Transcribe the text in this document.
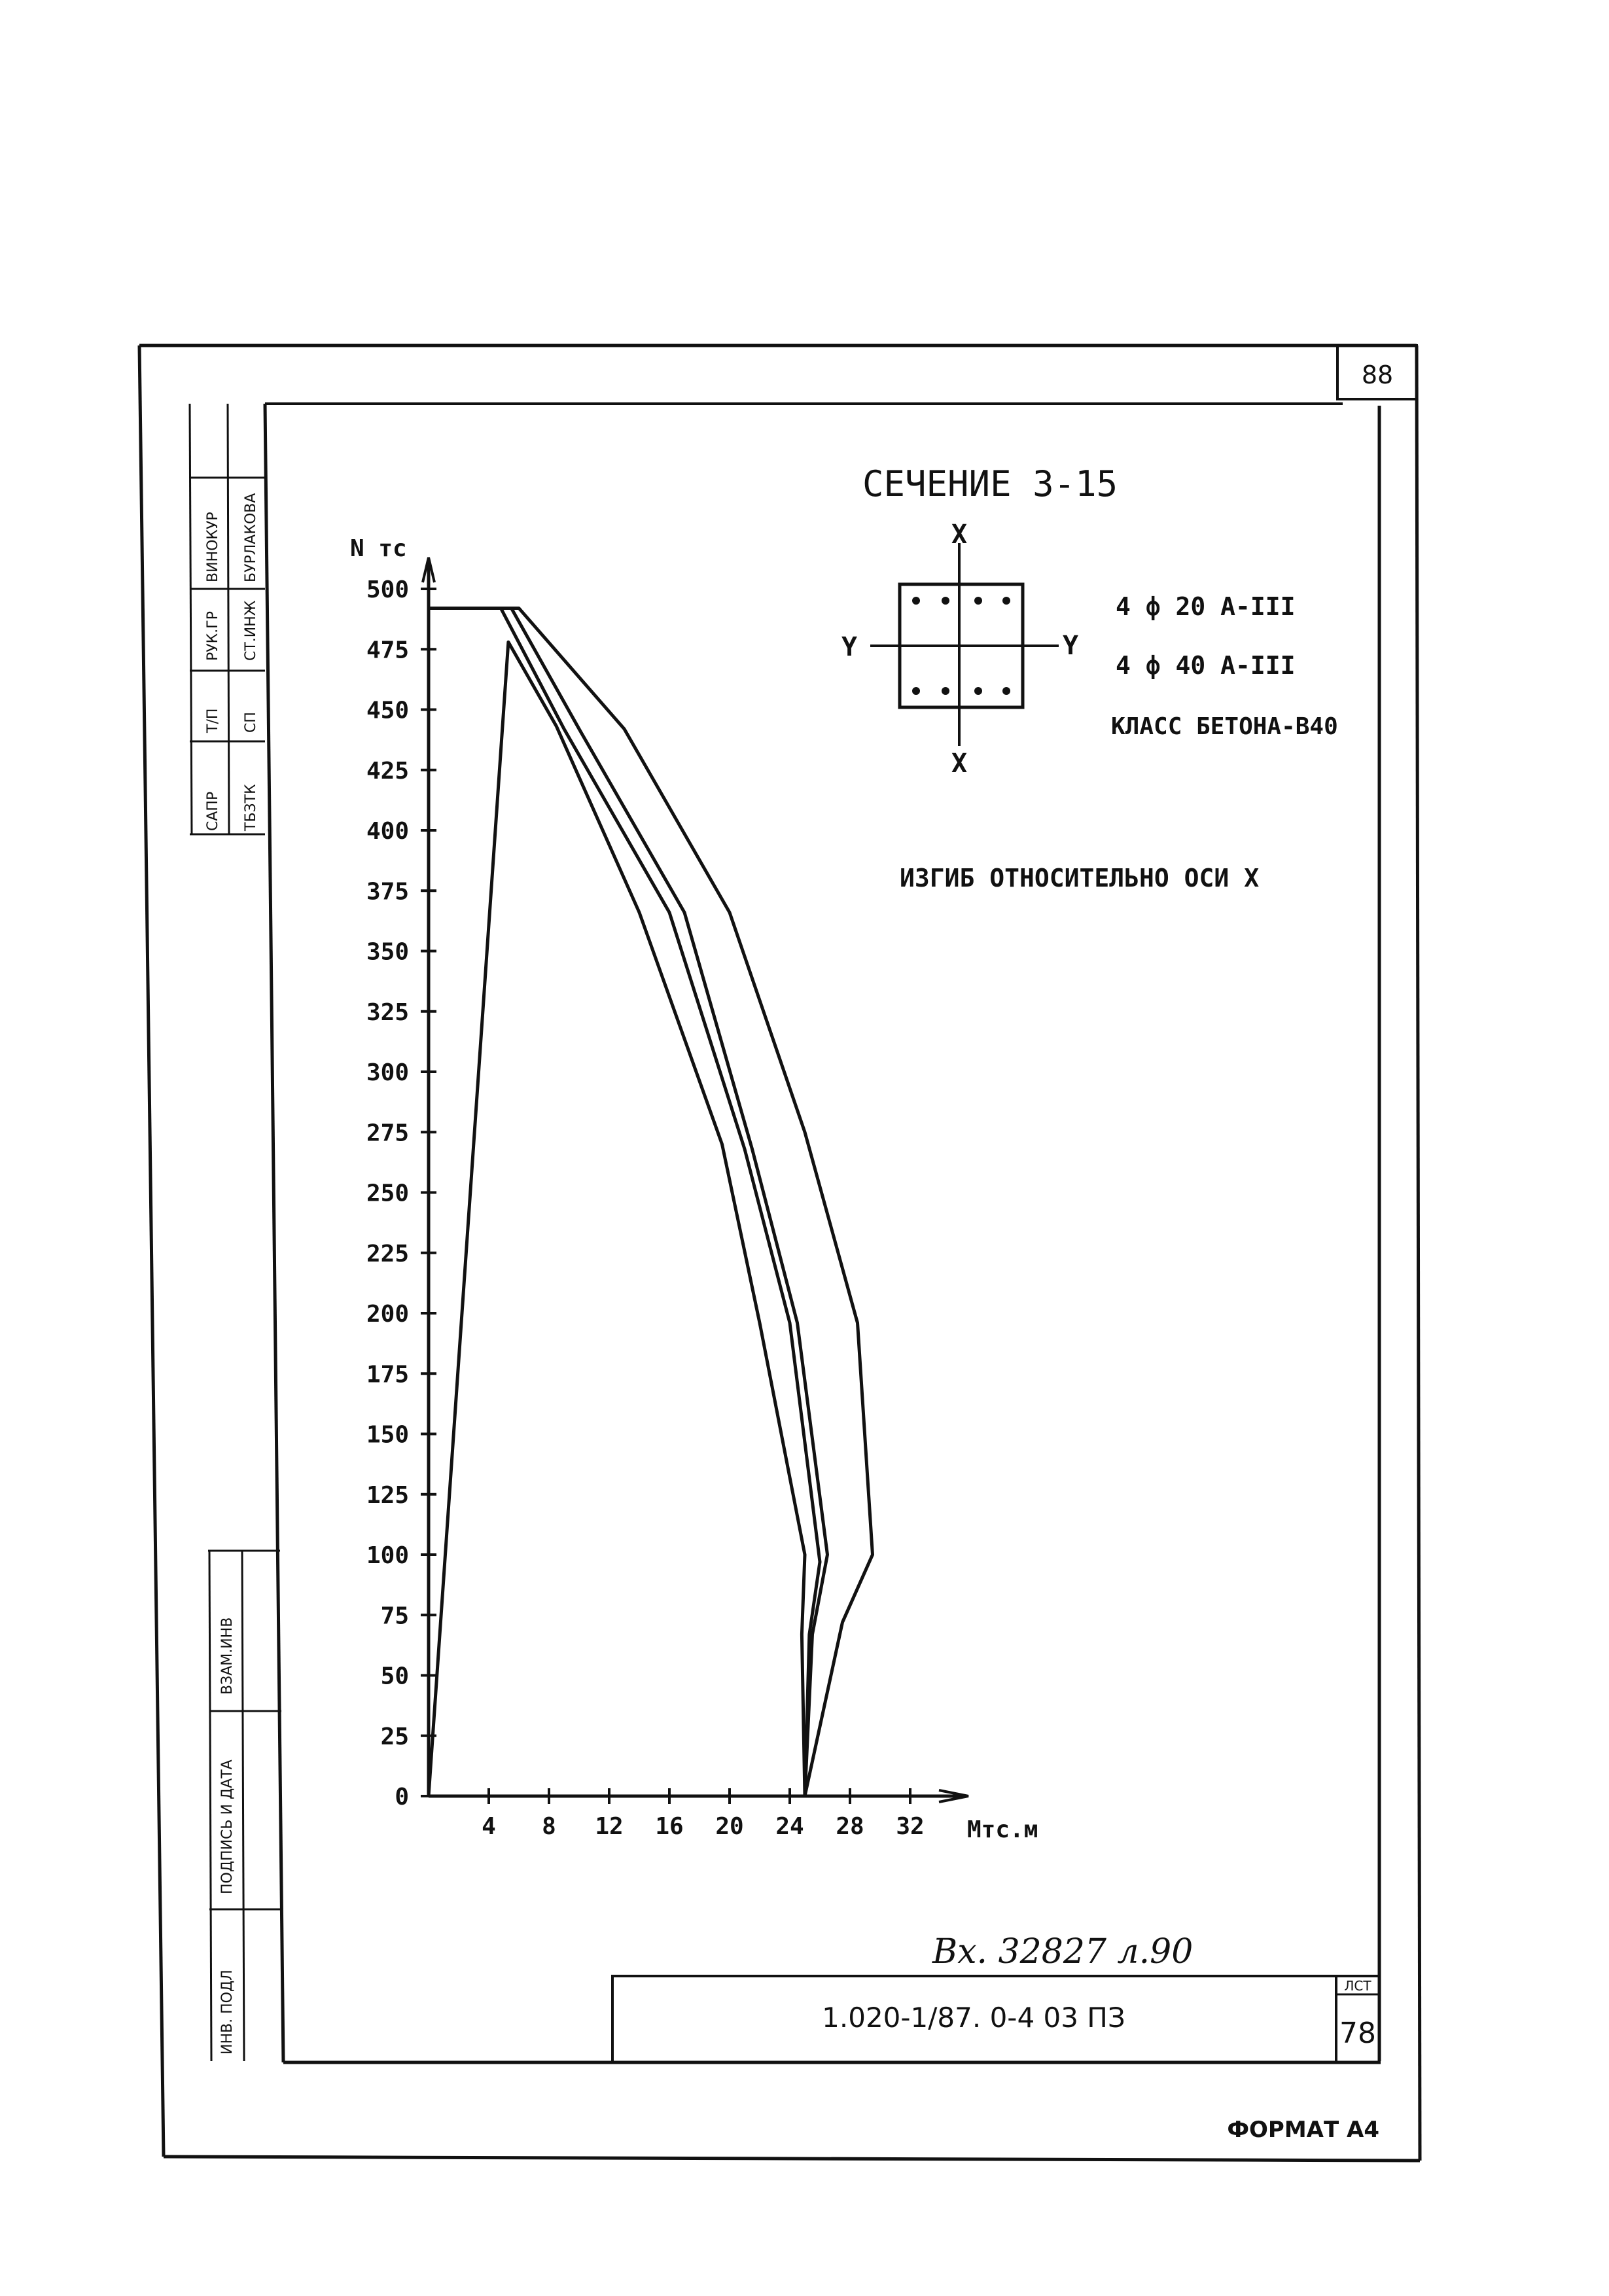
88
ЛСТ
78
1.020-1/87. 0-4 03 ПЗ
ФОРМАТ А4
Вх. 32827 л.90
САПР
Т/П
РУК.ГР
ВИНОКУР
ТБЗТК
СП
СТ.ИНЖ
БУРЛАКОВА
ВЗАМ.ИНВ
ПОДПИСЬ И ДАТА
ИНВ. ПОДЛ
СЕЧЕНИЕ 3-15
X
X
Y	Y
4 ф 20 А-III
4 ф 40 А-III
КЛАСС БЕТОНА-В40
ИЗГИБ ОТНОСИТЕЛЬНО ОСИ X
500
475
450
425
400
375
350
325
300
275
250
225
200
175
150
125
100
75
50
25
0
4 8 12 16 20 24 28 32
N тс
Мтс.м
